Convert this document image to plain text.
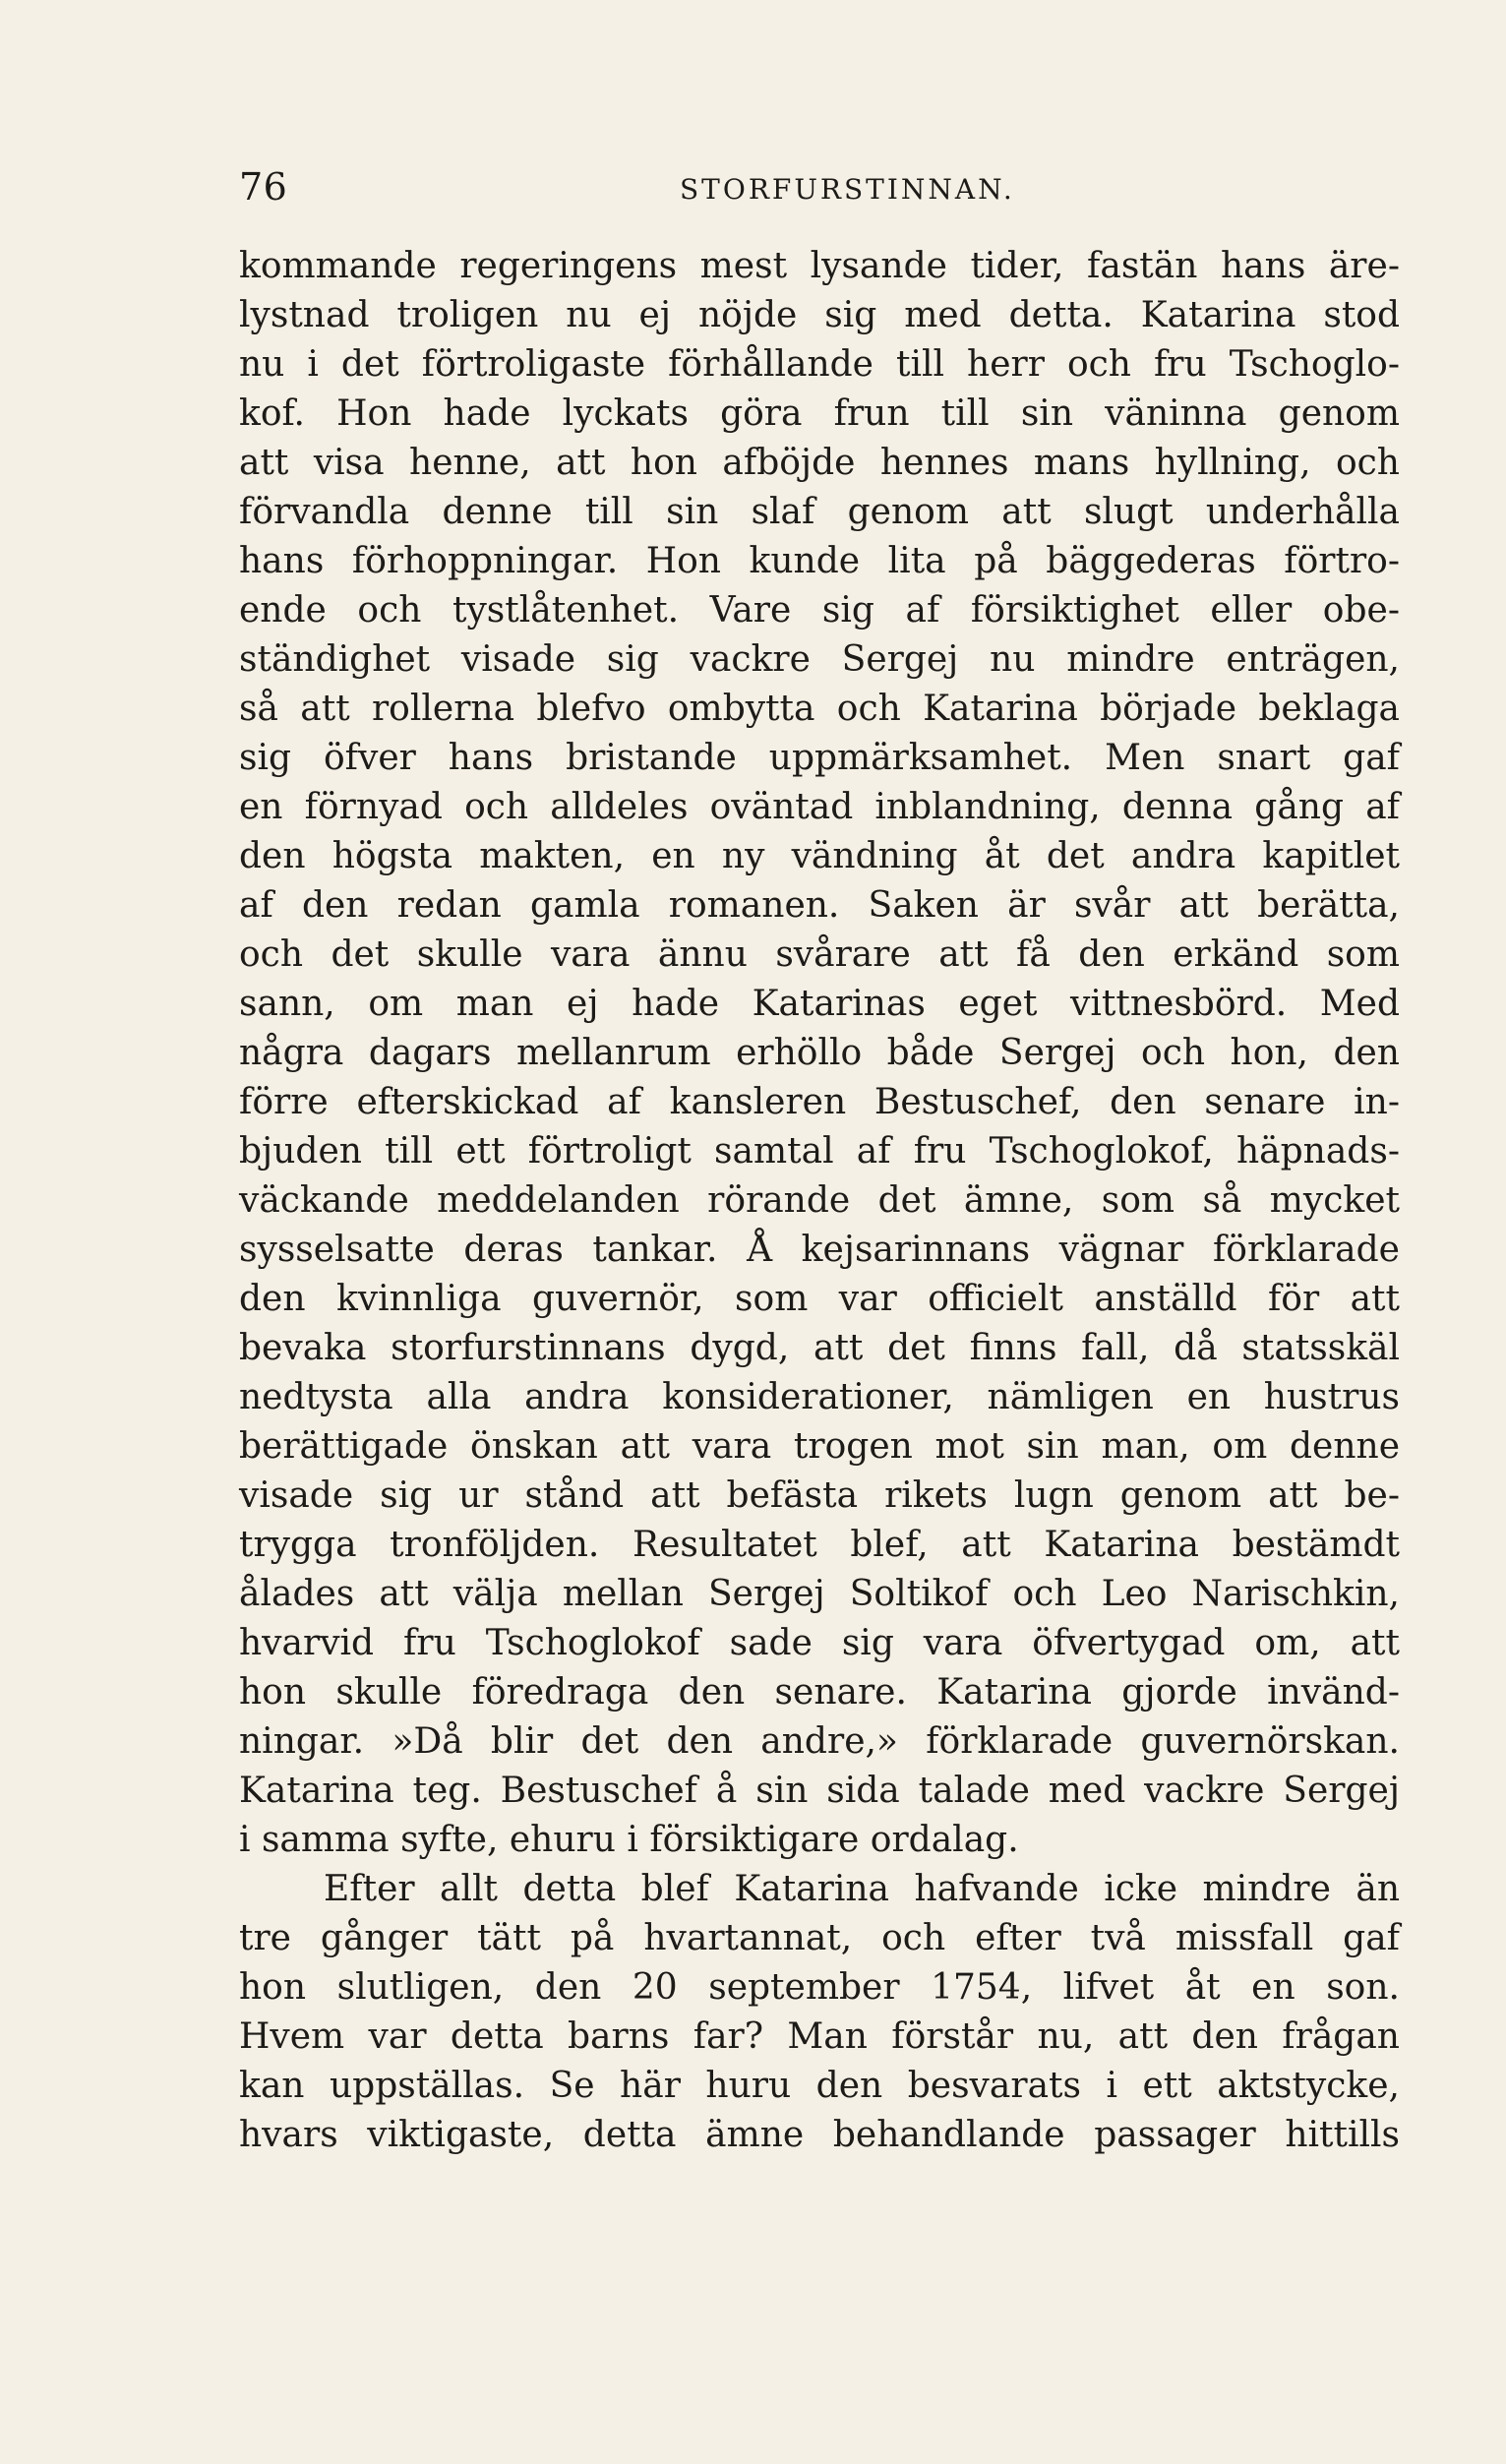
76	STORFURSTINNAN.
kommande regeringens mest lysande tider, fastän hans äre-
lystnad troligen nu ej nöjde sig med detta. Katarina stod
nu i det förtroligaste förhållande till herr och fru Tschoglo-
kof. Hon hade lyckats göra frun till sin väninna genom
att visa henne, att hon afböjde hennes mans hyllning, och
förvandla denne till sin slaf genom att slugt underhålla
hans förhoppningar. Hon kunde lita på bäggederas förtro-
ende och tystlåtenhet. Vare sig af försiktighet eller obe-
ständighet visade sig vackre Sergej nu mindre enträgen,
så att rollerna blefvo ombytta och Katarina började beklaga
sig öfver hans bristande uppmärksamhet. Men snart gaf
en förnyad och alldeles oväntad inblandning, denna gång af
den högsta makten, en ny vändning åt det andra kapitlet
af den redan gamla romanen. Saken är svår att berätta,
och det skulle vara ännu svårare att få den erkänd som
sann, om man ej hade Katarinas eget vittnesbörd. Med
några dagars mellanrum erhöllo både Sergej och hon, den
förre efterskickad af kansleren Bestuschef, den senare in-
bjuden till ett förtroligt samtal af fru Tschoglokof, häpnads-
väckande meddelanden rörande det ämne, som så mycket
sysselsatte deras tankar. Å kejsarinnans vägnar förklarade
den kvinnliga guvernör, som var officielt anställd för att
bevaka storfurstinnans dygd, att det finns fall, då statsskäl
nedtysta alla andra konsiderationer, nämligen en hustrus
berättigade önskan att vara trogen mot sin man, om denne
visade sig ur stånd att befästa rikets lugn genom att be-
trygga tronföljden. Resultatet blef, att Katarina bestämdt
ålades att välja mellan Sergej Soltikof och Leo Narischkin,
hvarvid fru Tschoglokof sade sig vara öfvertygad om, att
hon skulle föredraga den senare. Katarina gjorde invänd-
ningar. »Då blir det den andre,» förklarade guvernörskan.
Katarina teg. Bestuschef å sin sida talade med vackre Sergej
i samma syfte, ehuru i försiktigare ordalag.
Efter allt detta blef Katarina hafvande icke mindre än
tre gånger tätt på hvartannat, och efter två missfall gaf
hon slutligen, den 20 september 1754, lifvet åt en son.
Hvem var detta barns far? Man förstår nu, att den frågan
kan uppställas. Se här huru den besvarats i ett aktstycke,
hvars viktigaste, detta ämne behandlande passager hittills
